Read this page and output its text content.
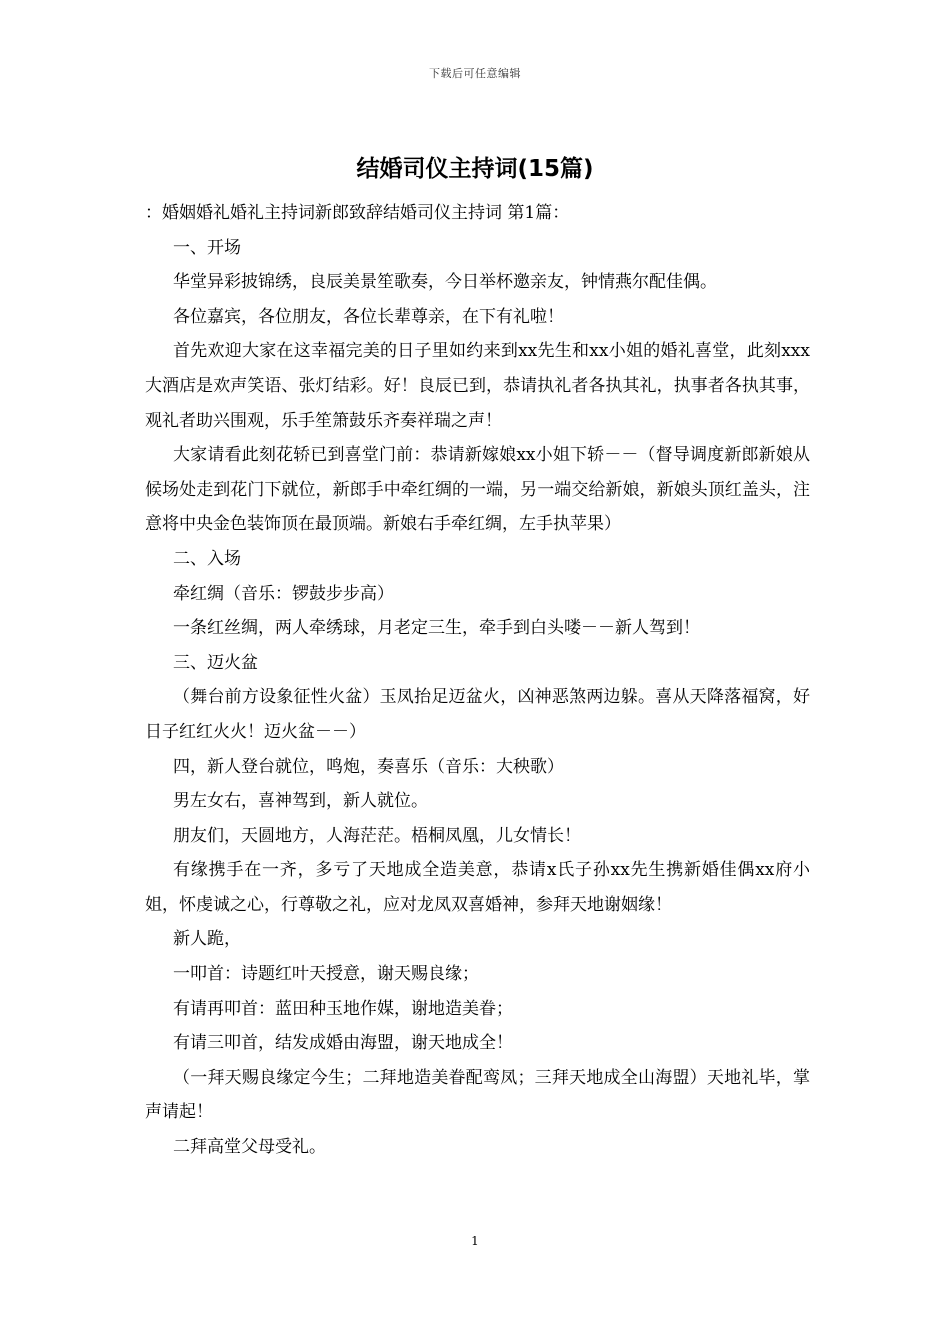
下载后可任意编辑
结婚司仪主持词(15篇)

：婚姻婚礼婚礼主持词新郎致辞结婚司仪主持词 第1篇：

一、开场

华堂异彩披锦绣，良辰美景笙歌奏，今日举杯邀亲友，钟情燕尔配佳偶。

各位嘉宾，各位朋友，各位长辈尊亲，在下有礼啦！

首先欢迎大家在这幸福完美的日子里如约来到xx先生和xx小姐的婚礼喜堂，此刻xxx大酒店是欢声笑语、张灯结彩。好！良辰已到，恭请执礼者各执其礼，执事者各执其事，观礼者助兴围观，乐手笙箫鼓乐齐奏祥瑞之声！

大家请看此刻花轿已到喜堂门前：恭请新嫁娘xx小姐下轿－－（督导调度新郎新娘从候场处走到花门下就位，新郎手中牵红绸的一端，另一端交给新娘，新娘头顶红盖头，注意将中央金色装饰顶在最顶端。新娘右手牵红绸，左手执苹果）

二、入场

牵红绸（音乐：锣鼓步步高）

一条红丝绸，两人牵绣球，月老定三生，牵手到白头喽－－新人驾到！

三、迈火盆

（舞台前方设象征性火盆）玉凤抬足迈盆火，凶神恶煞两边躲。喜从天降落福窝，好日子红红火火！迈火盆－－）

四，新人登台就位，鸣炮，奏喜乐（音乐：大秧歌）

男左女右，喜神驾到，新人就位。

朋友们，天圆地方，人海茫茫。梧桐凤凰，儿女情长！

有缘携手在一齐，多亏了天地成全造美意，恭请x氏子孙xx先生携新婚佳偶xx府小姐，怀虔诚之心，行尊敬之礼，应对龙凤双喜婚神，参拜天地谢姻缘！

新人跪，

一叩首：诗题红叶天授意，谢天赐良缘；

有请再叩首：蓝田种玉地作媒，谢地造美眷；

有请三叩首，结发成婚由海盟，谢天地成全！

（一拜天赐良缘定今生；二拜地造美眷配鸾凤；三拜天地成全山海盟）天地礼毕，掌声请起！

二拜高堂父母受礼。

1
